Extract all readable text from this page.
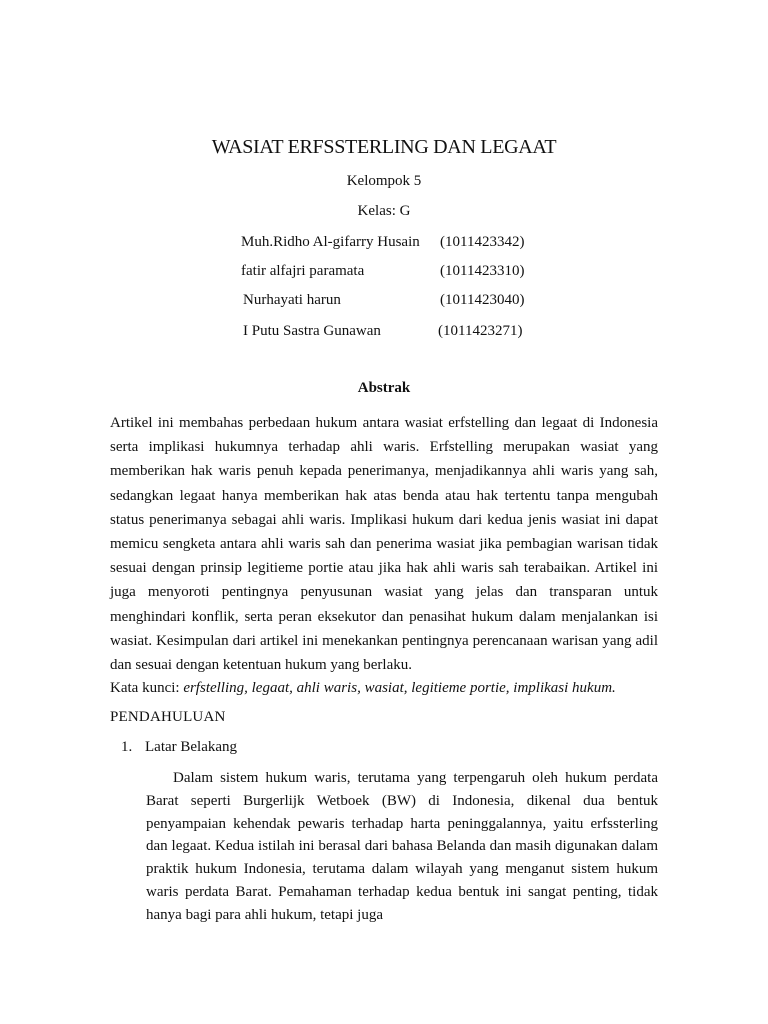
WASIAT ERFSSTERLING DAN LEGAAT
Kelompok 5
Kelas: G
Muh.Ridho Al-gifarry Husain (1011423342)
fatir alfajri paramata	(1011423310)
Nurhayati harun	(1011423040)
I Putu Sastra Gunawan	(1011423271)
Abstrak

Artikel ini membahas perbedaan hukum antara wasiat erfstelling dan legaat di Indonesia serta implikasi hukumnya terhadap ahli waris. Erfstelling merupakan wasiat yang memberikan hak waris penuh kepada penerimanya, menjadikannya ahli waris yang sah, sedangkan legaat hanya memberikan hak atas benda atau hak tertentu tanpa mengubah status penerimanya sebagai ahli waris. Implikasi hukum dari kedua jenis wasiat ini dapat memicu sengketa antara ahli waris sah dan penerima wasiat jika pembagian warisan tidak sesuai dengan prinsip legitieme portie atau jika hak ahli waris sah terabaikan. Artikel ini juga menyoroti pentingnya penyusunan wasiat yang jelas dan transparan untuk menghindari konflik, serta peran eksekutor dan penasihat hukum dalam menjalankan isi wasiat. Kesimpulan dari artikel ini menekankan pentingnya perencanaan warisan yang adil dan sesuai dengan ketentuan hukum yang berlaku.

Kata kunci: erfstelling, legaat, ahli waris, wasiat, legitieme portie, implikasi hukum.
PENDAHULUAN
1. Latar Belakang

Dalam sistem hukum waris, terutama yang terpengaruh oleh hukum perdata Barat seperti Burgerlijk Wetboek (BW) di Indonesia, dikenal dua bentuk penyampaian kehendak pewaris terhadap harta peninggalannya, yaitu erfssterling dan legaat. Kedua istilah ini berasal dari bahasa Belanda dan masih digunakan dalam praktik hukum Indonesia, terutama dalam wilayah yang menganut sistem hukum waris perdata Barat. Pemahaman terhadap kedua bentuk ini sangat penting, tidak hanya bagi para ahli hukum, tetapi juga
